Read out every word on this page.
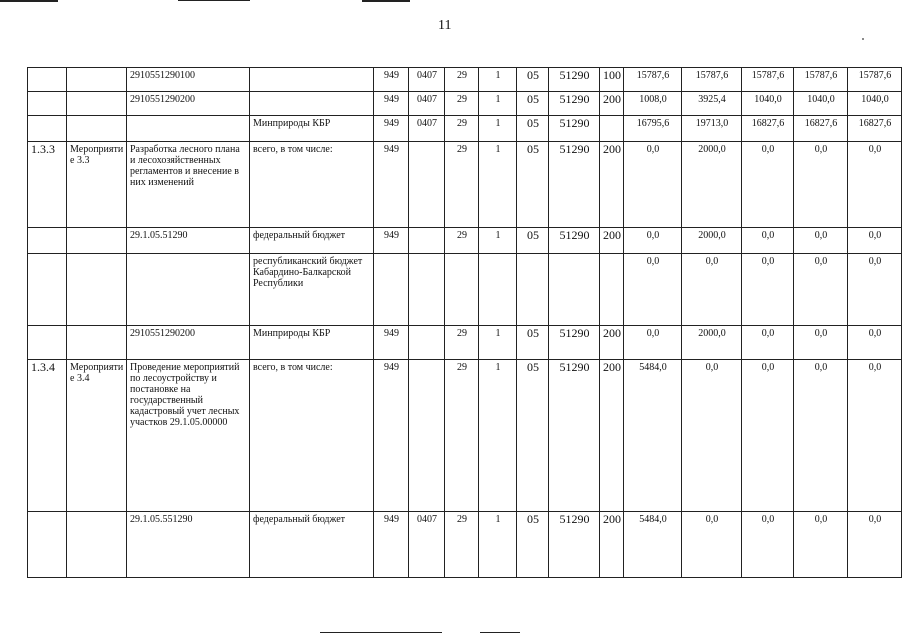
11
		2910551290100		949	0407	29	1	05	51290	100	15787,6	15787,6	15787,6	15787,6	15787,6
		2910551290200		949	0407	29	1	05	51290	200	1008,0	3925,4	1040,0	1040,0	1040,0
			Минприроды КБР	949	0407	29	1	05	51290		16795,6	19713,0	16827,6	16827,6	16827,6
1.3.3	Мероприятие 3.3	Разработка лесного плана и лесохозяйственных регламентов и внесение в них изменений	всего, в том числе:	949		29	1	05	51290	200	0,0	2000,0	0,0	0,0	0,0
		29.1.05.51290	федеральный бюджет	949		29	1	05	51290	200	0,0	2000,0	0,0	0,0	0,0
			республиканский бюджет Кабардино-Балкарской Республики								0,0	0,0	0,0	0,0	0,0
		2910551290200	Минприроды КБР	949		29	1	05	51290	200	0,0	2000,0	0,0	0,0	0,0
1.3.4	Мероприятие 3.4	Проведение мероприятий по лесоустройству и постановке на государственный кадастровый учет лесных участков 29.1.05.00000	всего, в том числе:	949		29	1	05	51290	200	5484,0	0,0	0,0	0,0	0,0
		29.1.05.551290	федеральный бюджет	949	0407	29	1	05	51290	200	5484,0	0,0	0,0	0,0	0,0
